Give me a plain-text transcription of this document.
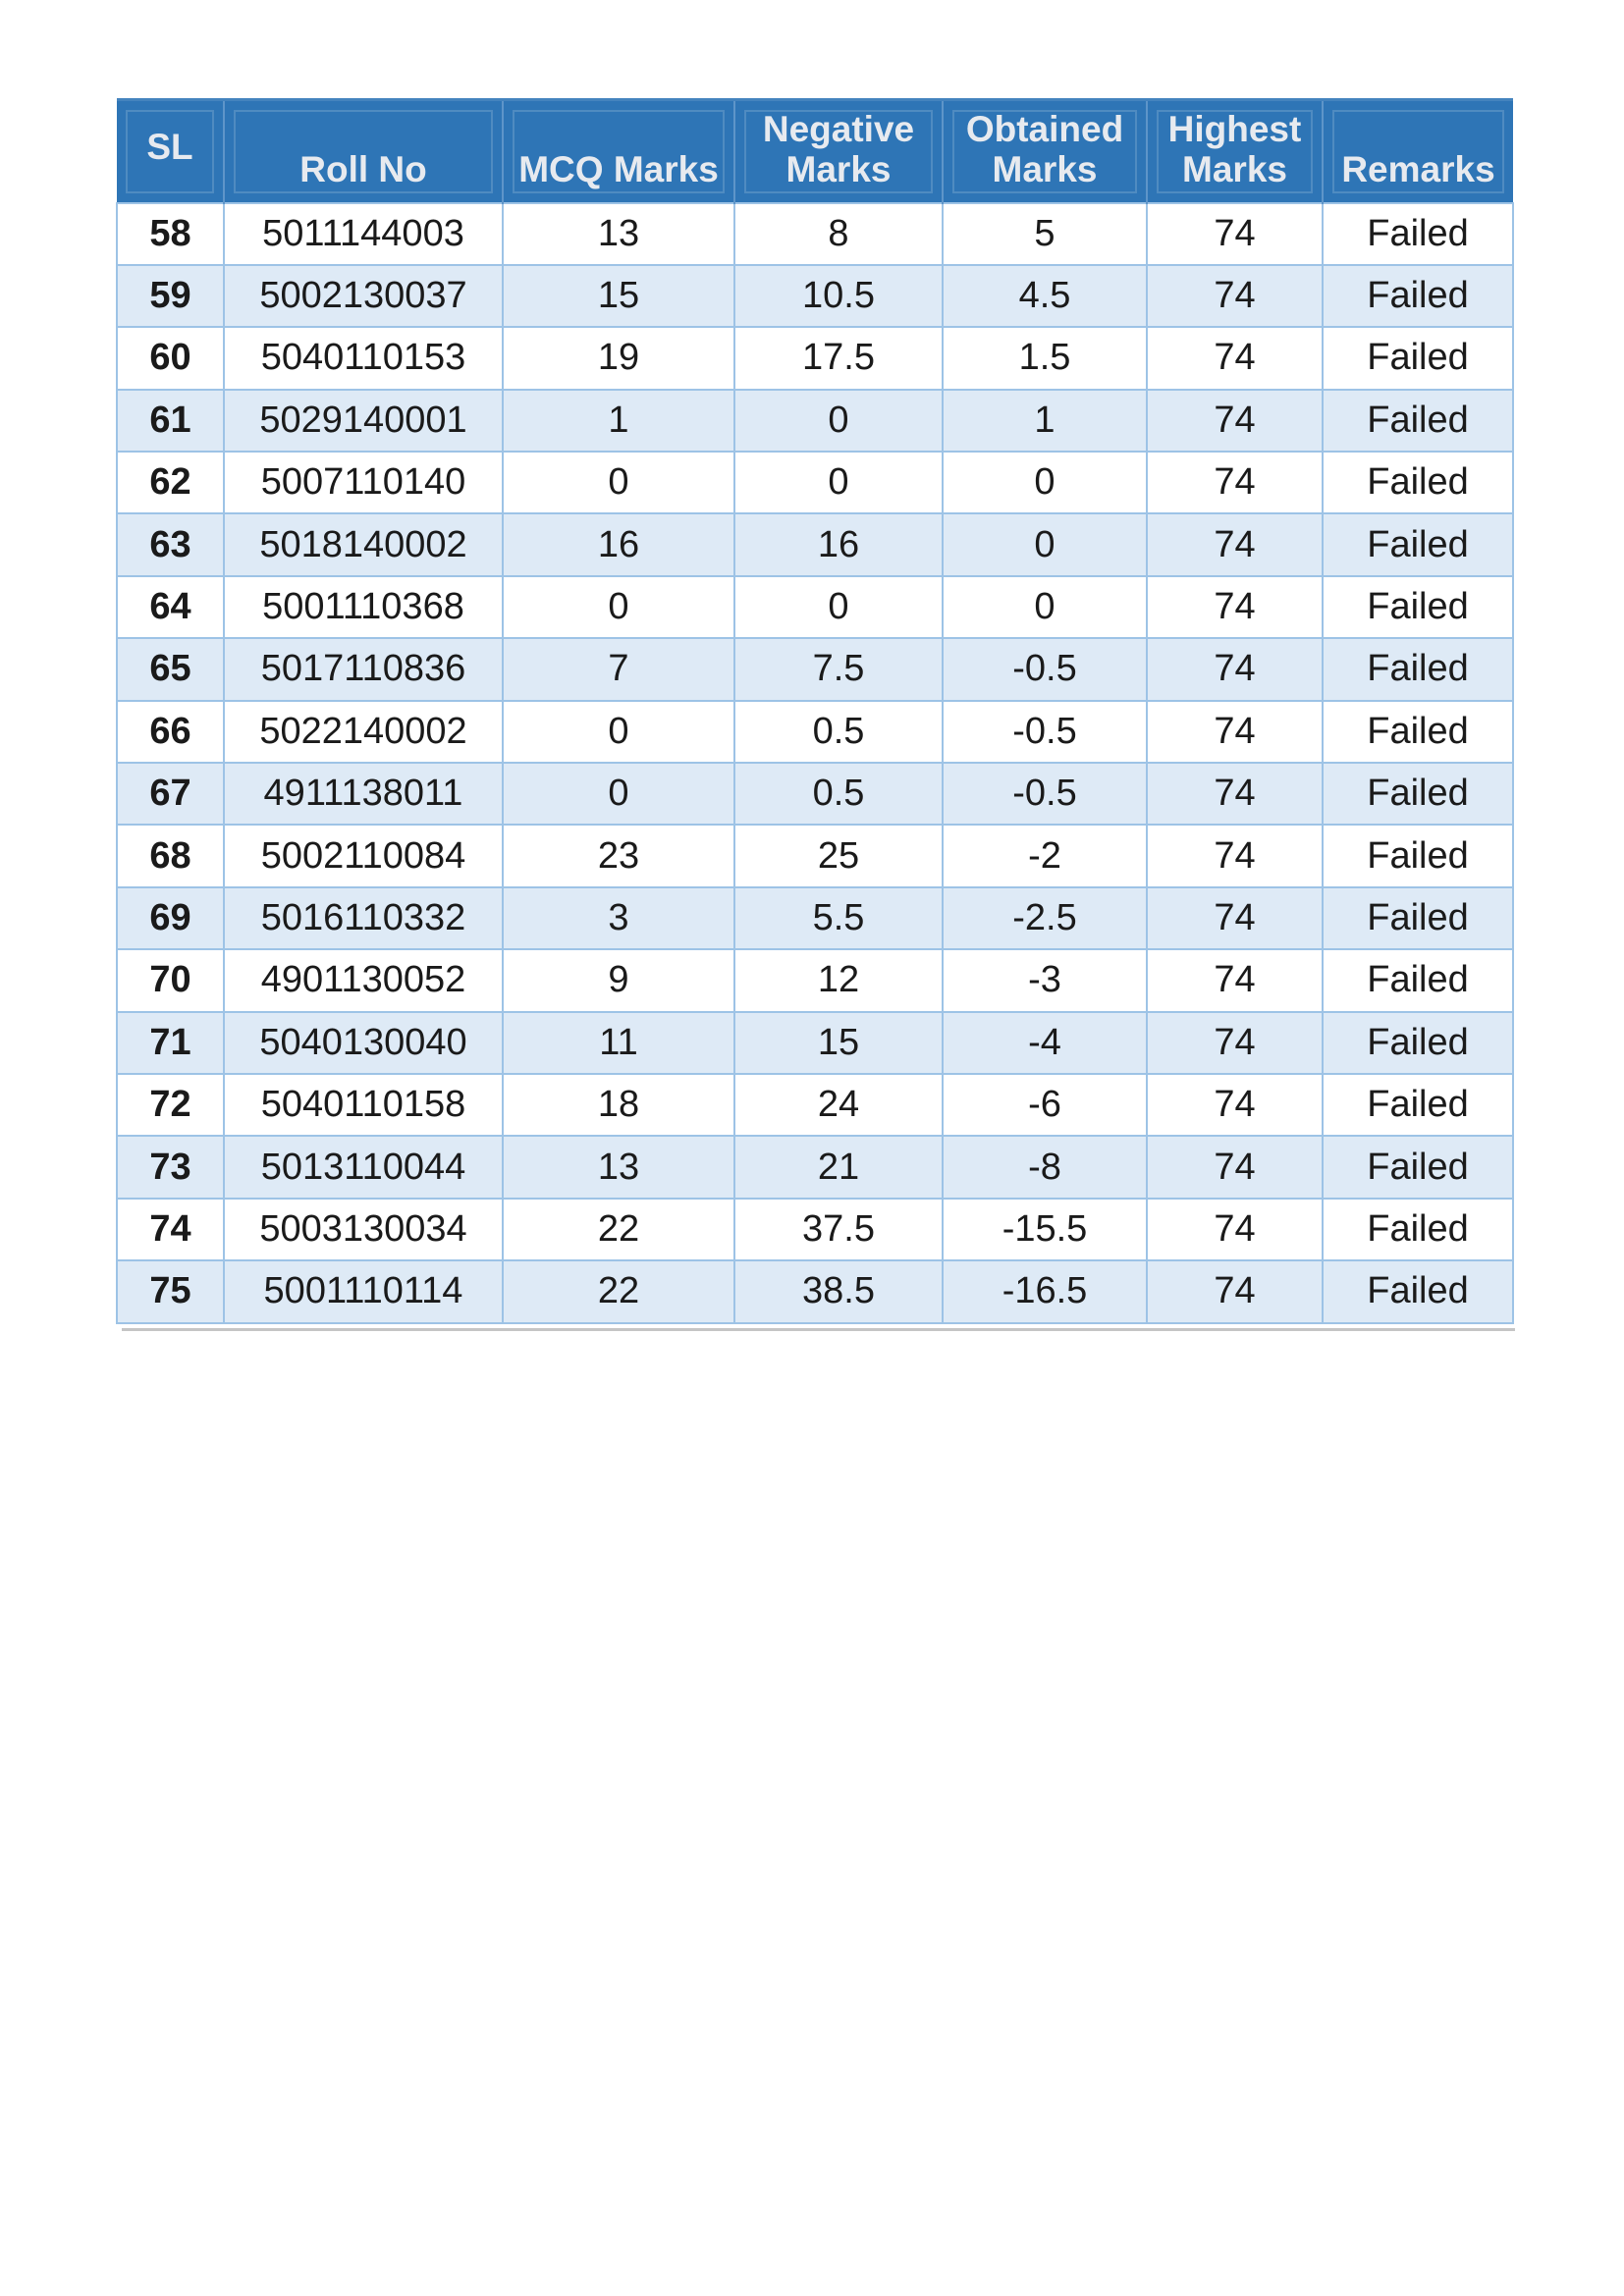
SL	Roll No	MCQ Marks	Negative Marks	Obtained Marks	Highest Marks	Remarks
58	5011144003	13	8	5	74	Failed
59	5002130037	15	10.5	4.5	74	Failed
60	5040110153	19	17.5	1.5	74	Failed
61	5029140001	1	0	1	74	Failed
62	5007110140	0	0	0	74	Failed
63	5018140002	16	16	0	74	Failed
64	5001110368	0	0	0	74	Failed
65	5017110836	7	7.5	-0.5	74	Failed
66	5022140002	0	0.5	-0.5	74	Failed
67	4911138011	0	0.5	-0.5	74	Failed
68	5002110084	23	25	-2	74	Failed
69	5016110332	3	5.5	-2.5	74	Failed
70	4901130052	9	12	-3	74	Failed
71	5040130040	11	15	-4	74	Failed
72	5040110158	18	24	-6	74	Failed
73	5013110044	13	21	-8	74	Failed
74	5003130034	22	37.5	-15.5	74	Failed
75	5001110114	22	38.5	-16.5	74	Failed
